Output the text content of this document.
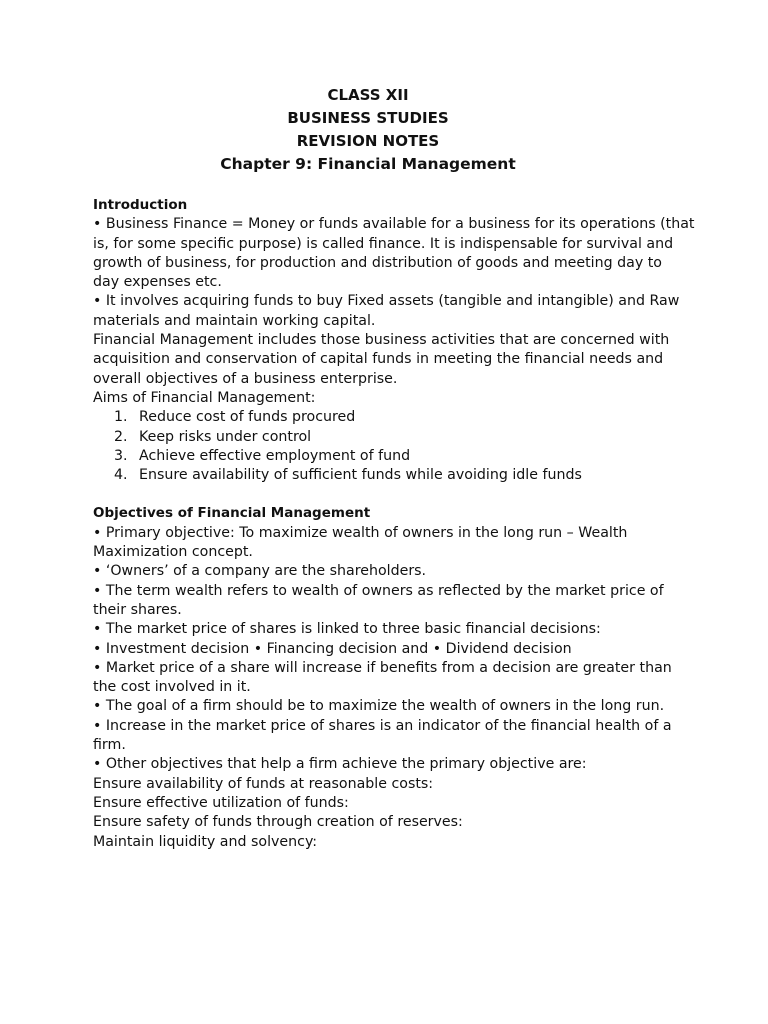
CLASS XII
BUSINESS STUDIES
REVISION NOTES
Chapter 9: Financial Management
Introduction
• Business Finance = Money or funds available for a business for its operations (that
is, for some specific purpose) is called finance. It is indispensable for survival and
growth of business, for production and distribution of goods and meeting day to
day expenses etc.
• It involves acquiring funds to buy Fixed assets (tangible and intangible) and Raw
materials and maintain working capital.
Financial Management includes those business activities that are concerned with
acquisition and conservation of capital funds in meeting the financial needs and
overall objectives of a business enterprise.
Aims of Financial Management:
1. Reduce cost of funds procured
2. Keep risks under control
3. Achieve effective employment of fund
4. Ensure availability of sufficient funds while avoiding idle funds
Objectives of Financial Management
• Primary objective: To maximize wealth of owners in the long run – Wealth
Maximization concept.
• ‘Owners’ of a company are the shareholders.
• The term wealth refers to wealth of owners as reflected by the market price of
their shares.
• The market price of shares is linked to three basic financial decisions:
• Investment decision • Financing decision and • Dividend decision
• Market price of a share will increase if benefits from a decision are greater than
the cost involved in it.
• The goal of a firm should be to maximize the wealth of owners in the long run.
• Increase in the market price of shares is an indicator of the financial health of a
firm.
• Other objectives that help a firm achieve the primary objective are:
Ensure availability of funds at reasonable costs:
Ensure effective utilization of funds:
Ensure safety of funds through creation of reserves:
Maintain liquidity and solvency:
